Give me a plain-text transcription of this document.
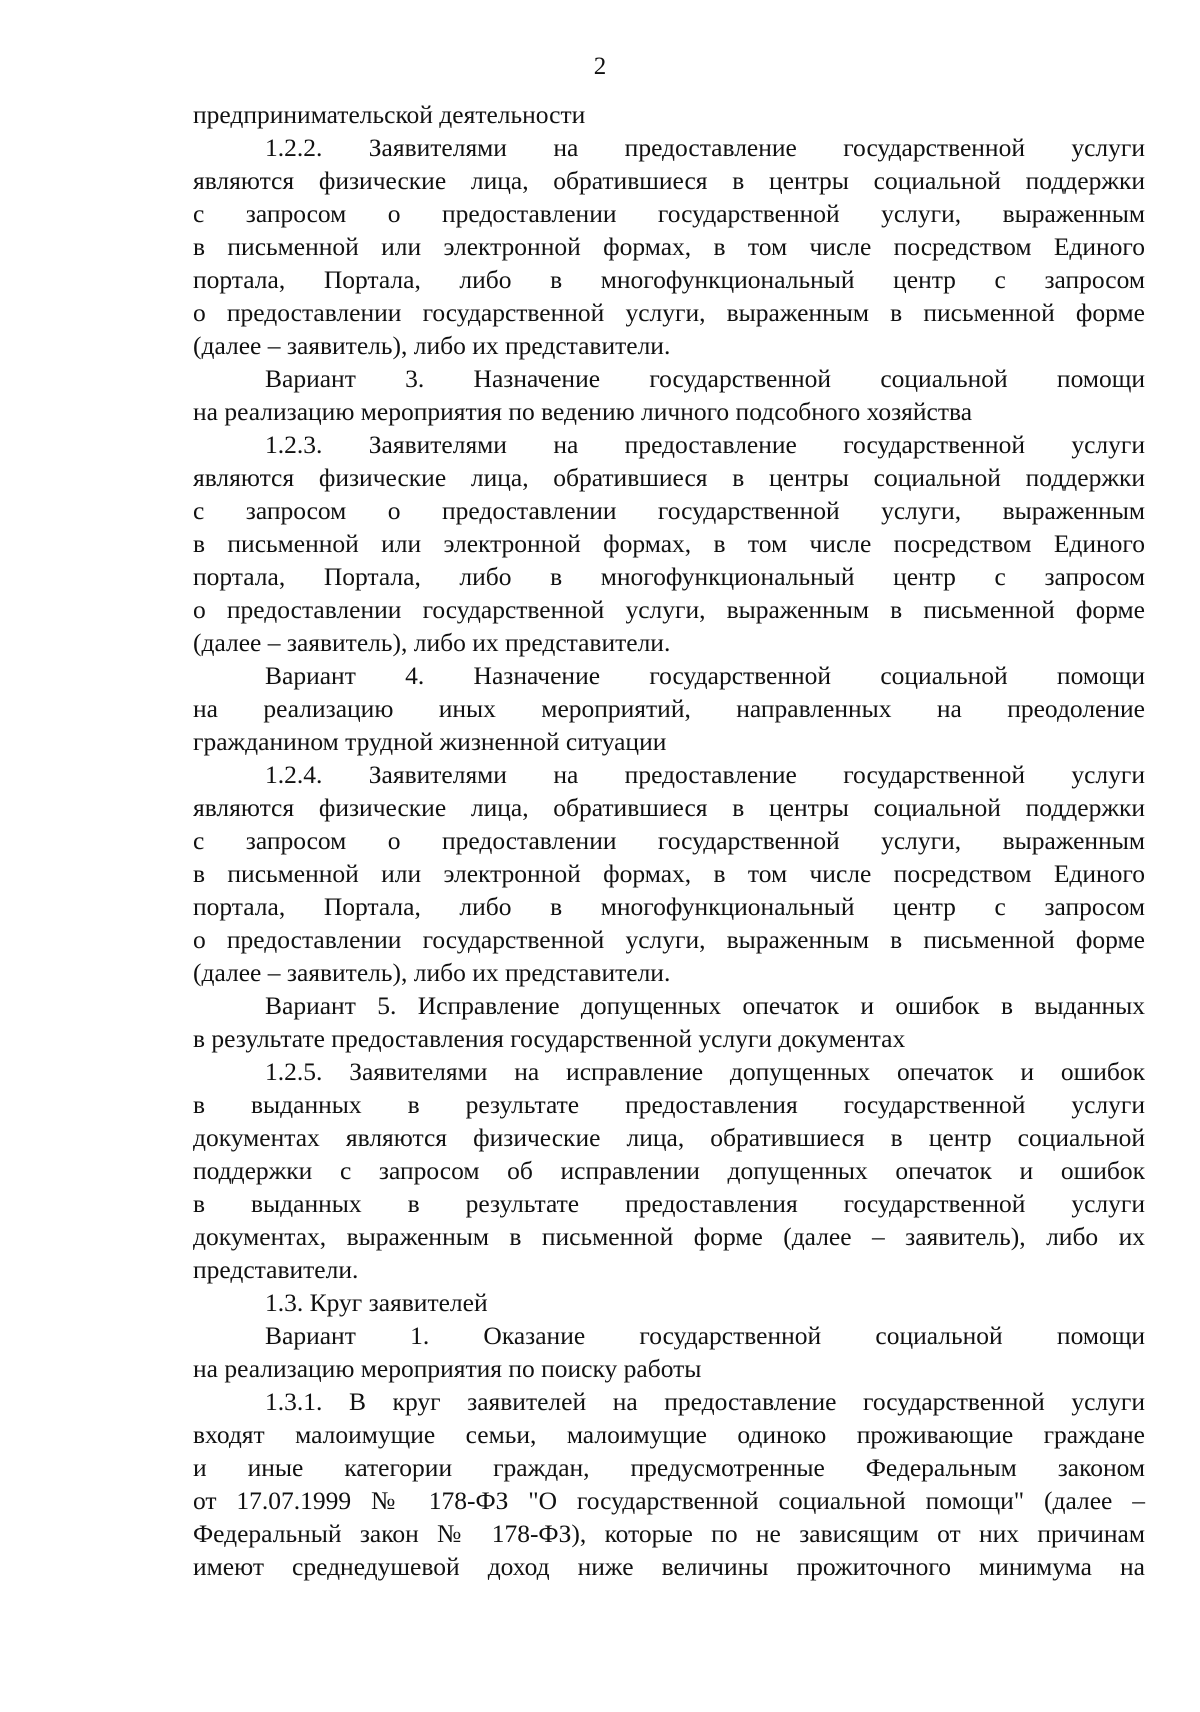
2
предпринимательской деятельности
1.2.2. Заявителями на предоставление государственной услуги
являются физические лица, обратившиеся в центры социальной поддержки
с запросом о предоставлении государственной услуги, выраженным
в письменной или электронной формах, в том числе посредством Единого
портала, Портала, либо в многофункциональный центр с запросом
о предоставлении государственной услуги, выраженным в письменной форме
(далее – заявитель), либо их представители.
Вариант 3. Назначение государственной социальной помощи
на реализацию мероприятия по ведению личного подсобного хозяйства
1.2.3. Заявителями на предоставление государственной услуги
являются физические лица, обратившиеся в центры социальной поддержки
с запросом о предоставлении государственной услуги, выраженным
в письменной или электронной формах, в том числе посредством Единого
портала, Портала, либо в многофункциональный центр с запросом
о предоставлении государственной услуги, выраженным в письменной форме
(далее – заявитель), либо их представители.
Вариант 4. Назначение государственной социальной помощи
на реализацию иных мероприятий, направленных на преодоление
гражданином трудной жизненной ситуации
1.2.4. Заявителями на предоставление государственной услуги
являются физические лица, обратившиеся в центры социальной поддержки
с запросом о предоставлении государственной услуги, выраженным
в письменной или электронной формах, в том числе посредством Единого
портала, Портала, либо в многофункциональный центр с запросом
о предоставлении государственной услуги, выраженным в письменной форме
(далее – заявитель), либо их представители.
Вариант 5. Исправление допущенных опечаток и ошибок в выданных
в результате предоставления государственной услуги документах
1.2.5. Заявителями на исправление допущенных опечаток и ошибок
в выданных в результате предоставления государственной услуги
документах являются физические лица, обратившиеся в центр социальной
поддержки с запросом об исправлении допущенных опечаток и ошибок
в выданных в результате предоставления государственной услуги
документах, выраженным в письменной форме (далее – заявитель), либо их
представители.
1.3. Круг заявителей
Вариант 1. Оказание государственной социальной помощи
на реализацию мероприятия по поиску работы
1.3.1. В круг заявителей на предоставление государственной услуги
входят малоимущие семьи, малоимущие одиноко проживающие граждане
и иные категории граждан, предусмотренные Федеральным законом
от 17.07.1999 № 178-ФЗ "О государственной социальной помощи" (далее –
Федеральный закон № 178-ФЗ), которые по не зависящим от них причинам
имеют среднедушевой доход ниже величины прожиточного минимума на
